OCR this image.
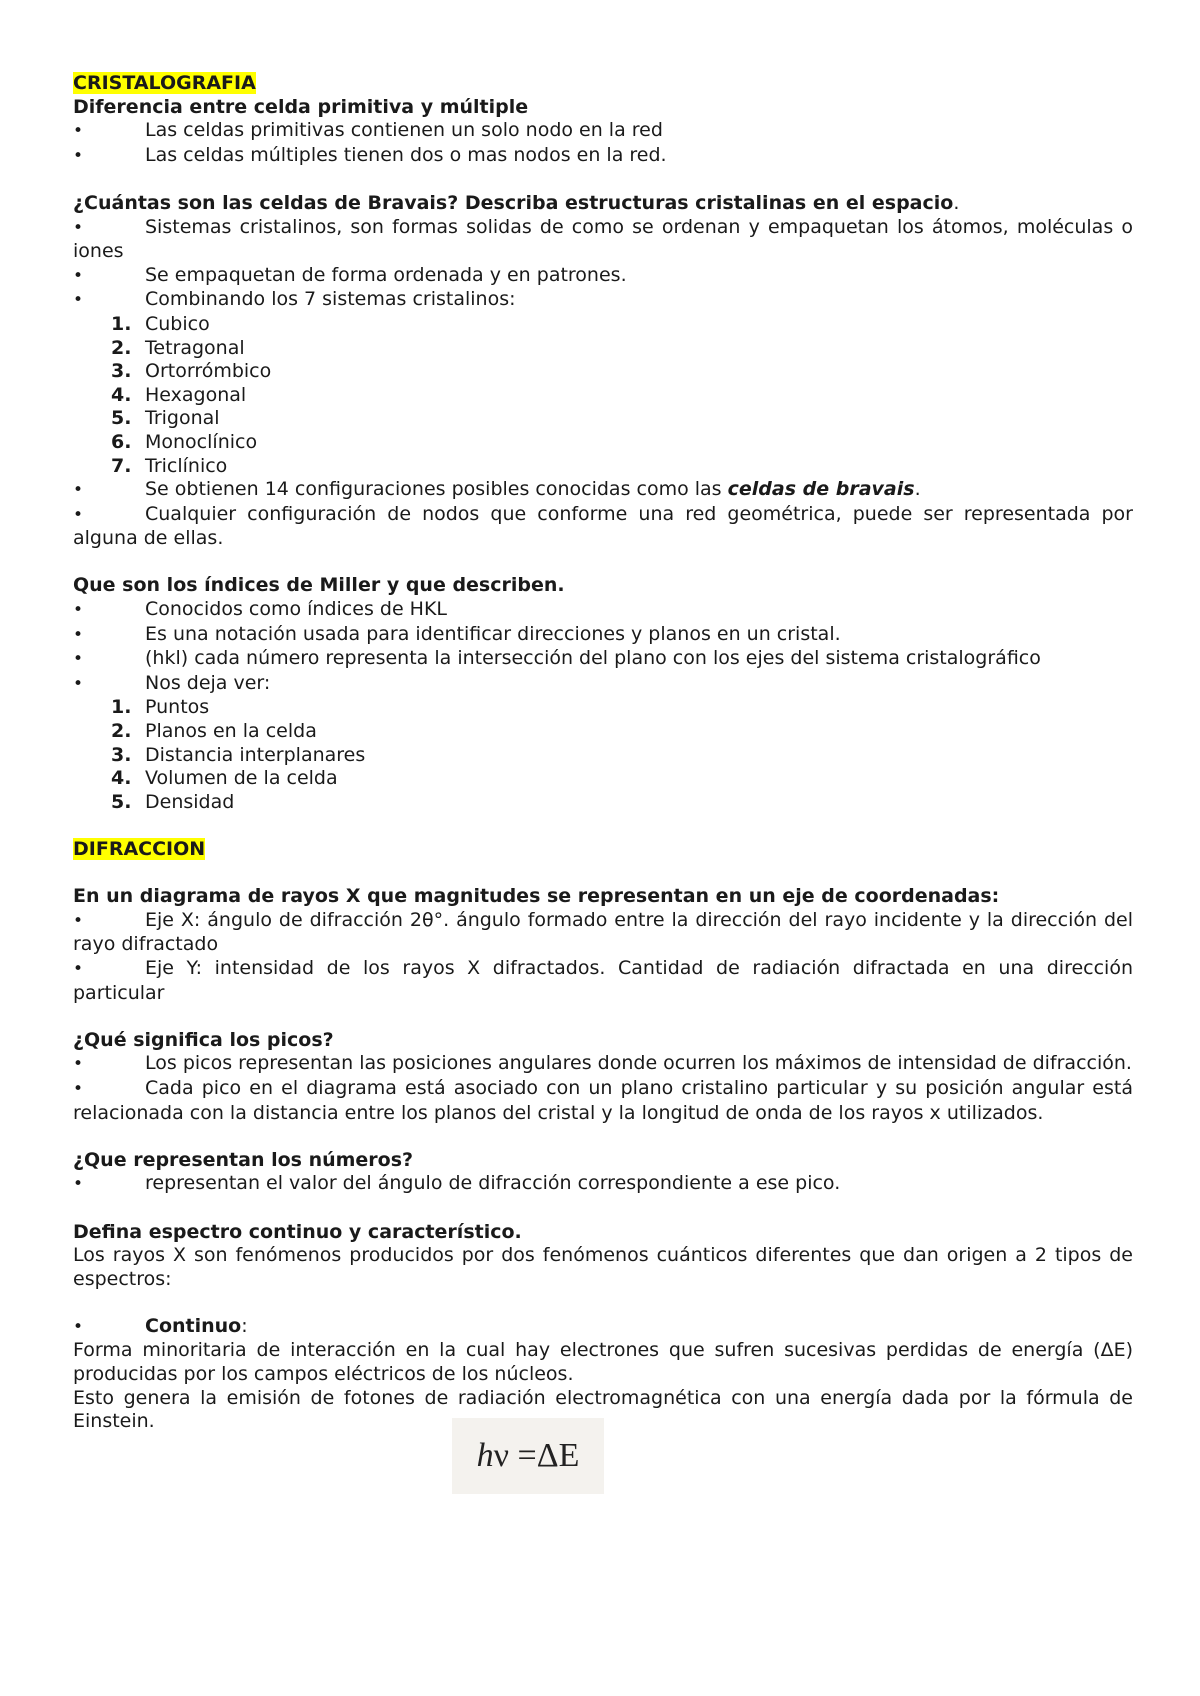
CRISTALOGRAFIA
Diferencia entre celda primitiva y múltiple
•	Las celdas primitivas contienen un solo nodo en la red
•	Las celdas múltiples tienen dos o mas nodos en la red.
¿Cuántas son las celdas de Bravais? Describa estructuras cristalinas en el espacio.
•	Sistemas cristalinos, son formas solidas de como se ordenan y empaquetan los átomos, moléculas o iones
•	Se empaquetan de forma ordenada y en patrones.
•	Combinando los 7 sistemas cristalinos:
1. Cubico
2. Tetragonal
3. Ortorrómbico
4. Hexagonal
5. Trigonal
6. Monoclínico
7. Triclínico
•	Se obtienen 14 configuraciones posibles conocidas como las celdas de bravais.
•	Cualquier configuración de nodos que conforme una red geométrica, puede ser representada por alguna de ellas.
Que son los índices de Miller y que describen.
•	Conocidos como índices de HKL
•	Es una notación usada para identificar direcciones y planos en un cristal.
•	(hkl) cada número representa la intersección del plano con los ejes del sistema cristalográfico
•	Nos deja ver:
1. Puntos
2. Planos en la celda
3. Distancia interplanares
4. Volumen de la celda
5. Densidad
DIFRACCION
En un diagrama de rayos X que magnitudes se representan en un eje de coordenadas:
•	Eje X: ángulo de difracción 2θ°. ángulo formado entre la dirección del rayo incidente y la dirección del rayo difractado
•	Eje Y: intensidad de los rayos X difractados. Cantidad de radiación difractada en una dirección particular
¿Qué significa los picos?
•	Los picos representan las posiciones angulares donde ocurren los máximos de intensidad de difracción.
•	Cada pico en el diagrama está asociado con un plano cristalino particular y su posición angular está relacionada con la distancia entre los planos del cristal y la longitud de onda de los rayos x utilizados.
¿Que representan los números?
•	representan el valor del ángulo de difracción correspondiente a ese pico.
Defina espectro continuo y característico.
Los rayos X son fenómenos producidos por dos fenómenos cuánticos diferentes que dan origen a 2 tipos de espectros:
•	Continuo:
Forma minoritaria de interacción en la cual hay electrones que sufren sucesivas perdidas de energía (ΔE) producidas por los campos eléctricos de los núcleos.
Esto genera la emisión de fotones de radiación electromagnética con una energía dada por la fórmula de Einstein.
h ν =ΔE
